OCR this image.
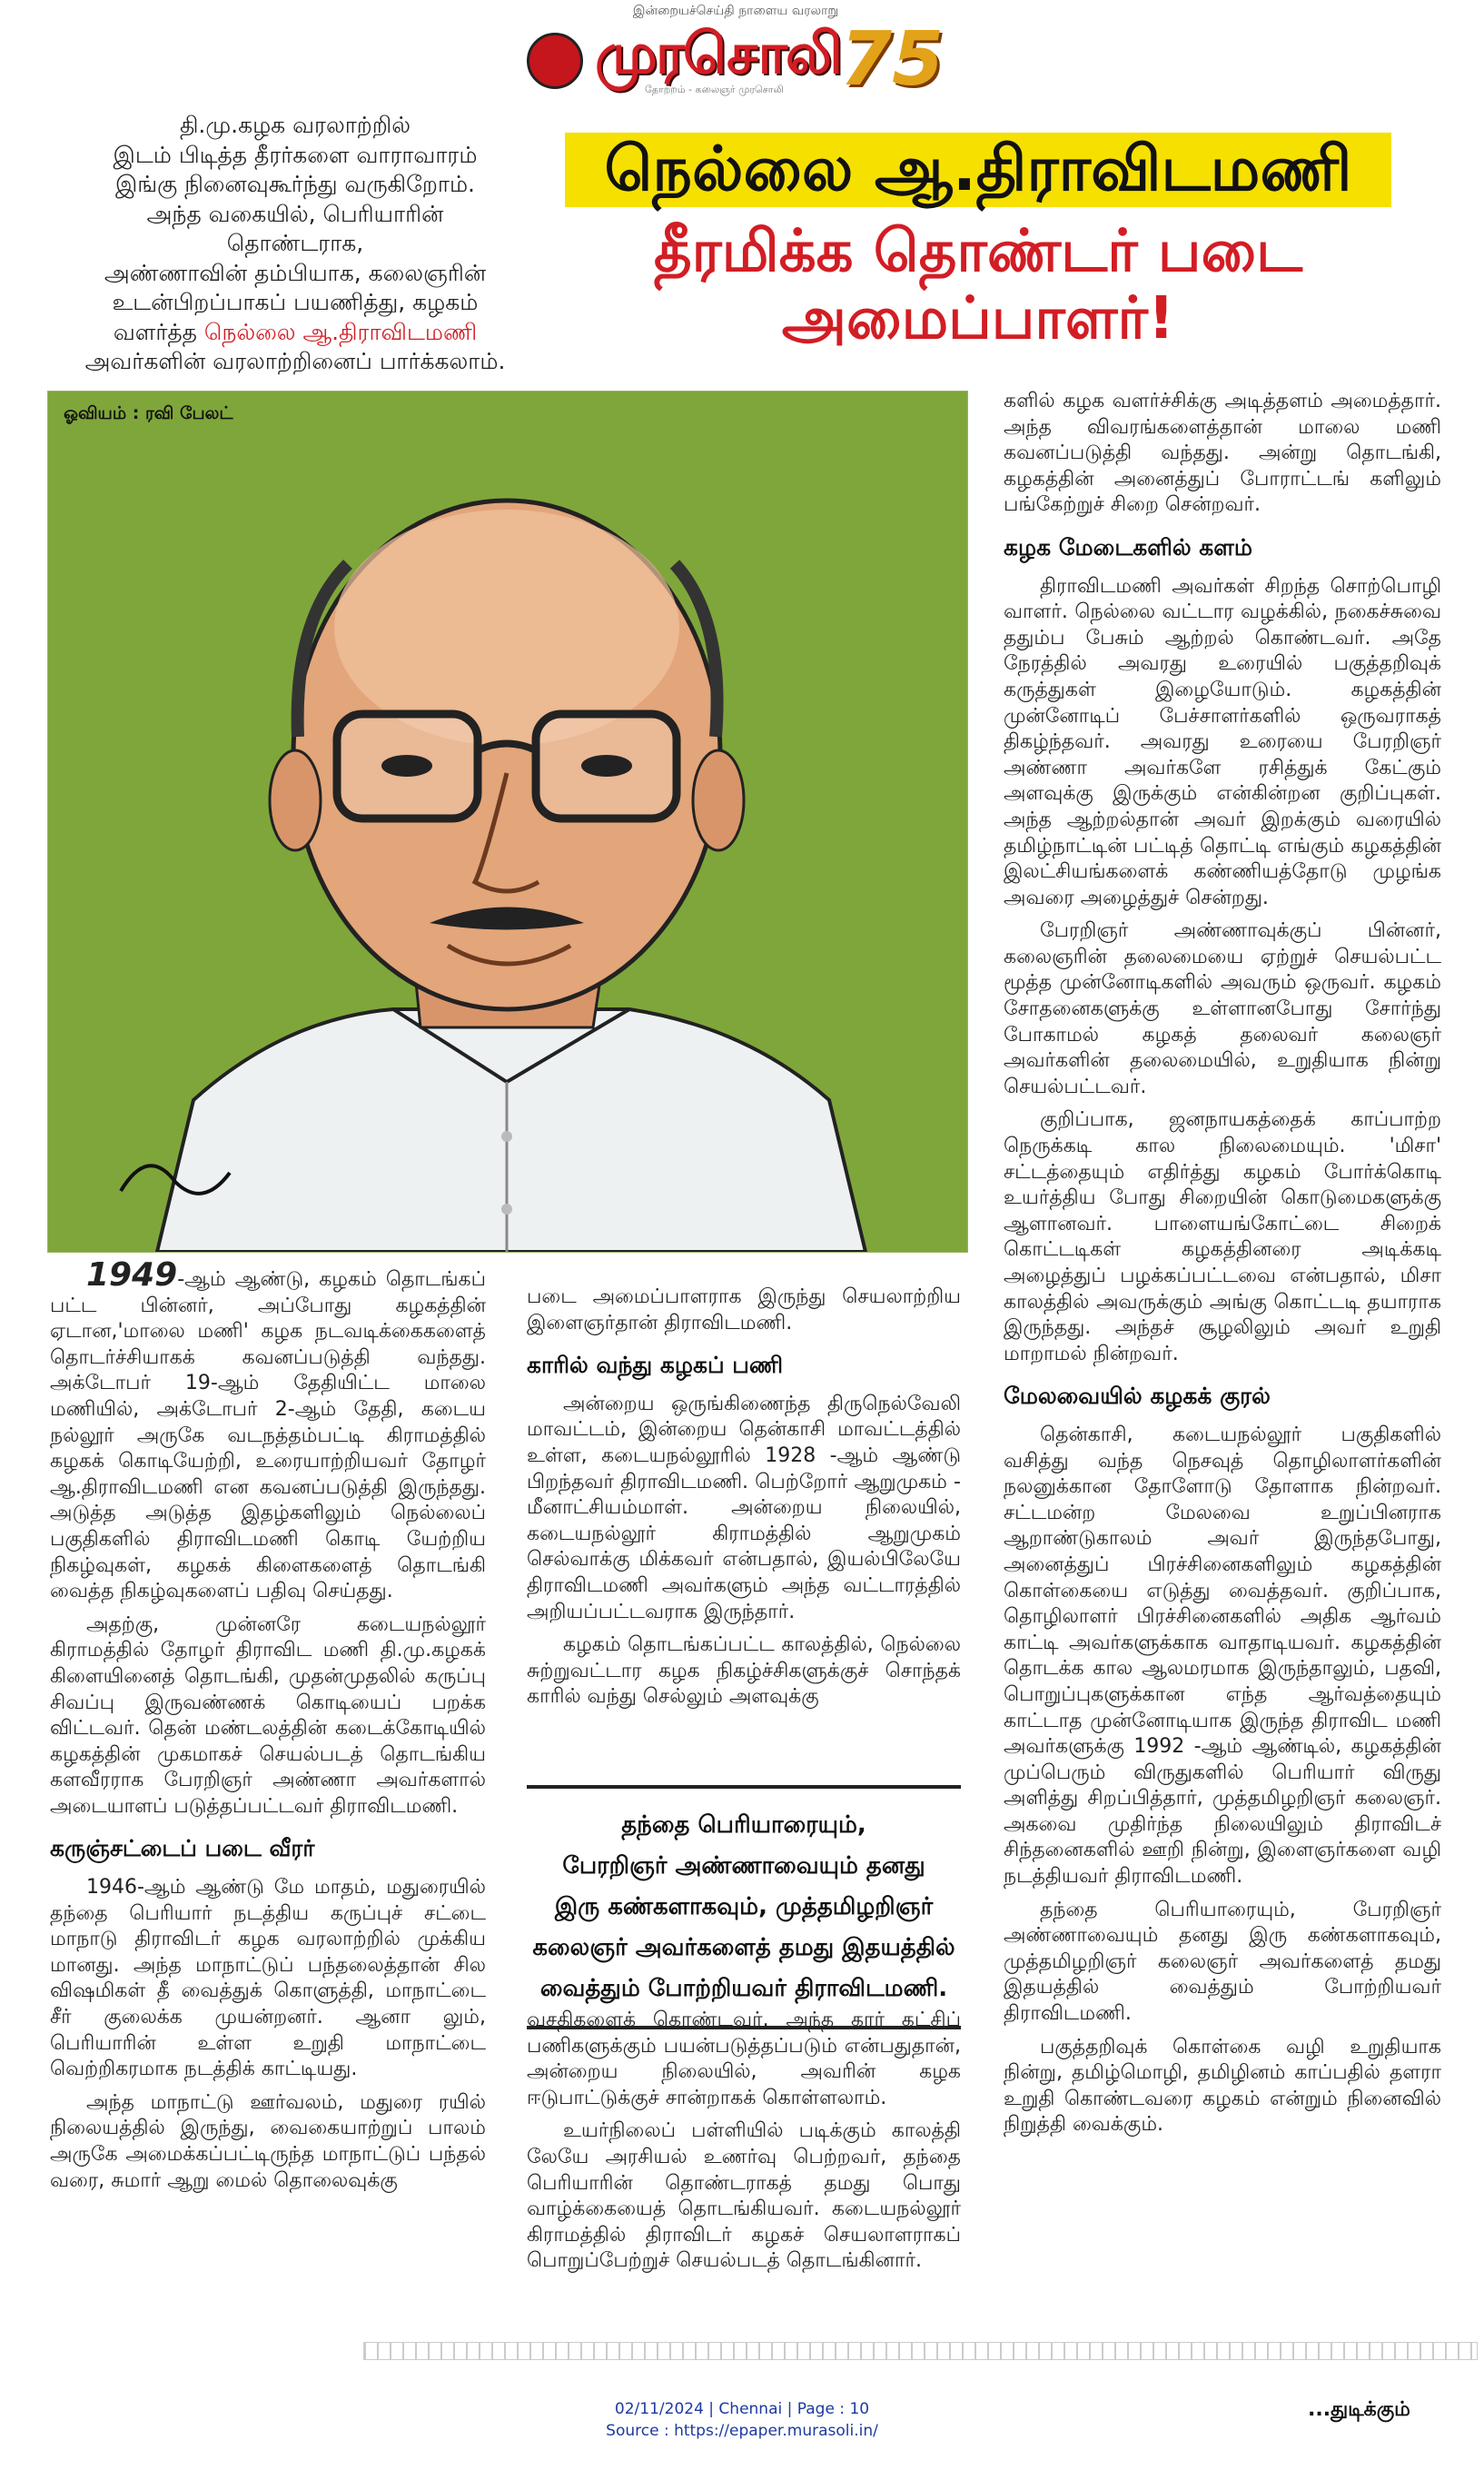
இன்றையச்செய்தி நாளைய வரலாறு
முரசொலி
தோற்றம் - கலைஞர் முரசொலி 75
தி.மு.கழக வரலாற்றில்
இடம் பிடித்த தீரர்களை வாராவாரம்
இங்கு நினைவுகூர்ந்து வருகிறோம்.
அந்த வகையில், பெரியாரின் தொண்டராக,
அண்ணாவின் தம்பியாக, கலைஞரின்
உடன்பிறப்பாகப் பயணித்து, கழகம்
வளர்த்த நெல்லை ஆ.திராவிடமணி
அவர்களின் வரலாற்றினைப் பார்க்கலாம்.
நெல்லை ஆ.திராவிடமணி
தீரமிக்க தொண்டர் படை
அமைப்பாளர்!
ஓவியம் : ரவி பேலட்

1949-ஆம் ஆண்டு, கழகம் தொடங்கப் பட்ட பின்னர், அப்போது கழகத்தின் ஏடான,'மாலை மணி' கழக நடவடிக்கைகளைத் தொடர்ச்சியாகக் கவனப்படுத்தி வந்தது. அக்டோபர் 19-ஆம் தேதியிட்ட மாலை மணியில், அக்டோபர் 2-ஆம் தேதி, கடைய நல்லூர் அருகே வடநத்தம்பட்டி கிராமத்தில் கழகக் கொடியேற்றி, உரையாற்றியவர் தோழர் ஆ.திராவிடமணி என கவனப்படுத்தி இருந்தது. அடுத்த அடுத்த இதழ்களிலும் நெல்லைப் பகுதிகளில் திராவிடமணி கொடி யேற்றிய நிகழ்வுகள், கழகக் கிளைகளைத் தொடங்கி வைத்த நிகழ்வுகளைப் பதிவு செய்தது.

அதற்கு, முன்னரே கடையநல்லூர் கிராமத்தில் தோழர் திராவிட மணி தி.மு.கழகக் கிளையினைத் தொடங்கி, முதன்முதலில் கருப்பு சிவப்பு இருவண்ணக் கொடியைப் பறக்க விட்டவர். தென் மண்டலத்தின் கடைக்கோடியில் கழகத்தின் முகமாகச் செயல்படத் தொடங்கிய களவீரராக பேரறிஞர் அண்ணா அவர்களால் அடையாளப் படுத்தப்பட்டவர் திராவிடமணி.

கருஞ்சட்டைப் படை வீரர்

1946-ஆம் ஆண்டு மே மாதம், மதுரையில் தந்தை பெரியார் நடத்திய கருப்புச் சட்டை மாநாடு திராவிடர் கழக வரலாற்றில் முக்கிய மானது. அந்த மாநாட்டுப் பந்தலைத்தான் சில விஷமிகள் தீ வைத்துக் கொளுத்தி, மாநாட்டை சீர் குலைக்க முயன்றனர். ஆனா லும், பெரியாரின் உள்ள உறுதி மாநாட்டை வெற்றிகரமாக நடத்திக் காட்டியது.

அந்த மாநாட்டு ஊர்வலம், மதுரை ரயில் நிலையத்தில் இருந்து, வைகையாற்றுப் பாலம் அருகே அமைக்கப்பட்டிருந்த மாநாட்டுப் பந்தல் வரை, சுமார் ஆறு மைல் தொலைவுக்கு

படை அமைப்பாளராக இருந்து செயலாற்றிய இளைஞர்தான் திராவிடமணி.

காரில் வந்து கழகப் பணி

அன்றைய ஒருங்கிணைந்த திருநெல்வேலி மாவட்டம், இன்றைய தென்காசி மாவட்டத்தில் உள்ள, கடையநல்லூரில் 1928 -ஆம் ஆண்டு பிறந்தவர் திராவிடமணி. பெற்றோர் ஆறுமுகம் - மீனாட்சியம்மாள். அன்றைய நிலையில், கடையநல்லூர் கிராமத்தில் ஆறுமுகம் செல்வாக்கு மிக்கவர் என்பதால், இயல்பிலேயே திராவிடமணி அவர்களும் அந்த வட்டாரத்தில் அறியப்பட்டவராக இருந்தார்.

கழகம் தொடங்கப்பட்ட காலத்தில், நெல்லை சுற்றுவட்டார கழக நிகழ்ச்சிகளுக்குச் சொந்தக் காரில் வந்து செல்லும் அளவுக்கு

தந்தை பெரியாரையும்,
பேரறிஞர் அண்ணாவையும் தனது
இரு கண்களாகவும், முத்தமிழறிஞர்
கலைஞர் அவர்களைத் தமது இதயத்தில்
வைத்தும் போற்றியவர் திராவிடமணி.

வசதிகளைக் கொண்டவர். அந்த கார் கட்சிப் பணிகளுக்கும் பயன்படுத்தப்படும் என்பதுதான், அன்றைய நிலையில், அவரின் கழக ஈடுபாட்டுக்குச் சான்றாகக் கொள்ளலாம்.

உயர்நிலைப் பள்ளியில் படிக்கும் காலத்தி லேயே அரசியல் உணர்வு பெற்றவர், தந்தை பெரியாரின் தொண்டராகத் தமது பொது வாழ்க்கையைத் தொடங்கியவர். கடையநல்லூர் கிராமத்தில் திராவிடர் கழகச் செயலாளராகப் பொறுப்பேற்றுச் செயல்படத் தொடங்கினார்.

களில் கழக வளர்ச்சிக்கு அடித்தளம் அமைத்தார். அந்த விவரங்களைத்தான் மாலை மணி கவனப்படுத்தி வந்தது. அன்று தொடங்கி, கழகத்தின் அனைத்துப் போராட்டங் களிலும் பங்கேற்றுச் சிறை சென்றவர்.

கழக மேடைகளில் களம்

திராவிடமணி அவர்கள் சிறந்த சொற்பொழி வாளர். நெல்லை வட்டார வழக்கில், நகைச்சுவை ததும்ப பேசும் ஆற்றல் கொண்டவர். அதே நேரத்தில் அவரது உரையில் பகுத்தறிவுக் கருத்துகள் இழையோடும். கழகத்தின் முன்னோடிப் பேச்சாளர்களில் ஒருவராகத் திகழ்ந்தவர். அவரது உரையை பேரறிஞர் அண்ணா அவர்களே ரசித்துக் கேட்கும் அளவுக்கு இருக்கும் என்கின்றன குறிப்புகள். அந்த ஆற்றல்தான் அவர் இறக்கும் வரையில் தமிழ்நாட்டின் பட்டித் தொட்டி எங்கும் கழகத்தின் இலட்சியங்களைக் கண்ணியத்தோடு முழங்க அவரை அழைத்துச் சென்றது.

பேரறிஞர் அண்ணாவுக்குப் பின்னர், கலைஞரின் தலைமையை ஏற்றுச் செயல்பட்ட மூத்த முன்னோடிகளில் அவரும் ஒருவர். கழகம் சோதனைகளுக்கு உள்ளானபோது சோர்ந்து போகாமல் கழகத் தலைவர் கலைஞர் அவர்களின் தலைமையில், உறுதியாக நின்று செயல்பட்டவர்.

குறிப்பாக, ஜனநாயகத்தைக் காப்பாற்ற நெருக்கடி கால நிலைமையும். 'மிசா' சட்டத்தையும் எதிர்த்து கழகம் போர்க்கொடி உயர்த்திய போது சிறையின் கொடுமைகளுக்கு ஆளானவர். பாளையங்கோட்டை சிறைக் கொட்டடிகள் கழகத்தினரை அடிக்கடி அழைத்துப் பழக்கப்பட்டவை என்பதால், மிசா காலத்தில் அவருக்கும் அங்கு கொட்டடி தயாராக இருந்தது. அந்தச் சூழலிலும் அவர் உறுதி மாறாமல் நின்றவர்.

மேலவையில் கழகக் குரல்

தென்காசி, கடையநல்லூர் பகுதிகளில் வசித்து வந்த நெசவுத் தொழிலாளர்களின் நலனுக்கான தோளோடு தோளாக நின்றவர். சட்டமன்ற மேலவை உறுப்பினராக ஆறாண்டுகாலம் அவர் இருந்தபோது, அனைத்துப் பிரச்சினைகளிலும் கழகத்தின் கொள்கையை எடுத்து வைத்தவர். குறிப்பாக, தொழிலாளர் பிரச்சினைகளில் அதிக ஆர்வம் காட்டி அவர்களுக்காக வாதாடியவர். கழகத்தின் தொடக்க கால ஆலமரமாக இருந்தாலும், பதவி, பொறுப்புகளுக்கான எந்த ஆர்வத்தையும் காட்டாத முன்னோடியாக இருந்த திராவிட மணி அவர்களுக்கு 1992 -ஆம் ஆண்டில், கழகத்தின் முப்பெரும் விருதுகளில் பெரியார் விருது அளித்து சிறப்பித்தார், முத்தமிழறிஞர் கலைஞர். அகவை முதிர்ந்த நிலையிலும் திராவிடச் சிந்தனைகளில் ஊறி நின்று, இளைஞர்களை வழி நடத்தியவர் திராவிடமணி.

தந்தை பெரியாரையும், பேரறிஞர் அண்ணாவையும் தனது இரு கண்களாகவும், முத்தமிழறிஞர் கலைஞர் அவர்களைத் தமது இதயத்தில் வைத்தும் போற்றியவர் திராவிடமணி.

பகுத்தறிவுக் கொள்கை வழி உறுதியாக நின்று, தமிழ்மொழி, தமிழினம் காப்பதில் தளரா உறுதி கொண்டவரை கழகம் என்றும் நினைவில் நிறுத்தி வைக்கும்.

...துடிக்கும்
02/11/2024 | Chennai | Page : 10
Source : https://epaper.murasoli.in/
